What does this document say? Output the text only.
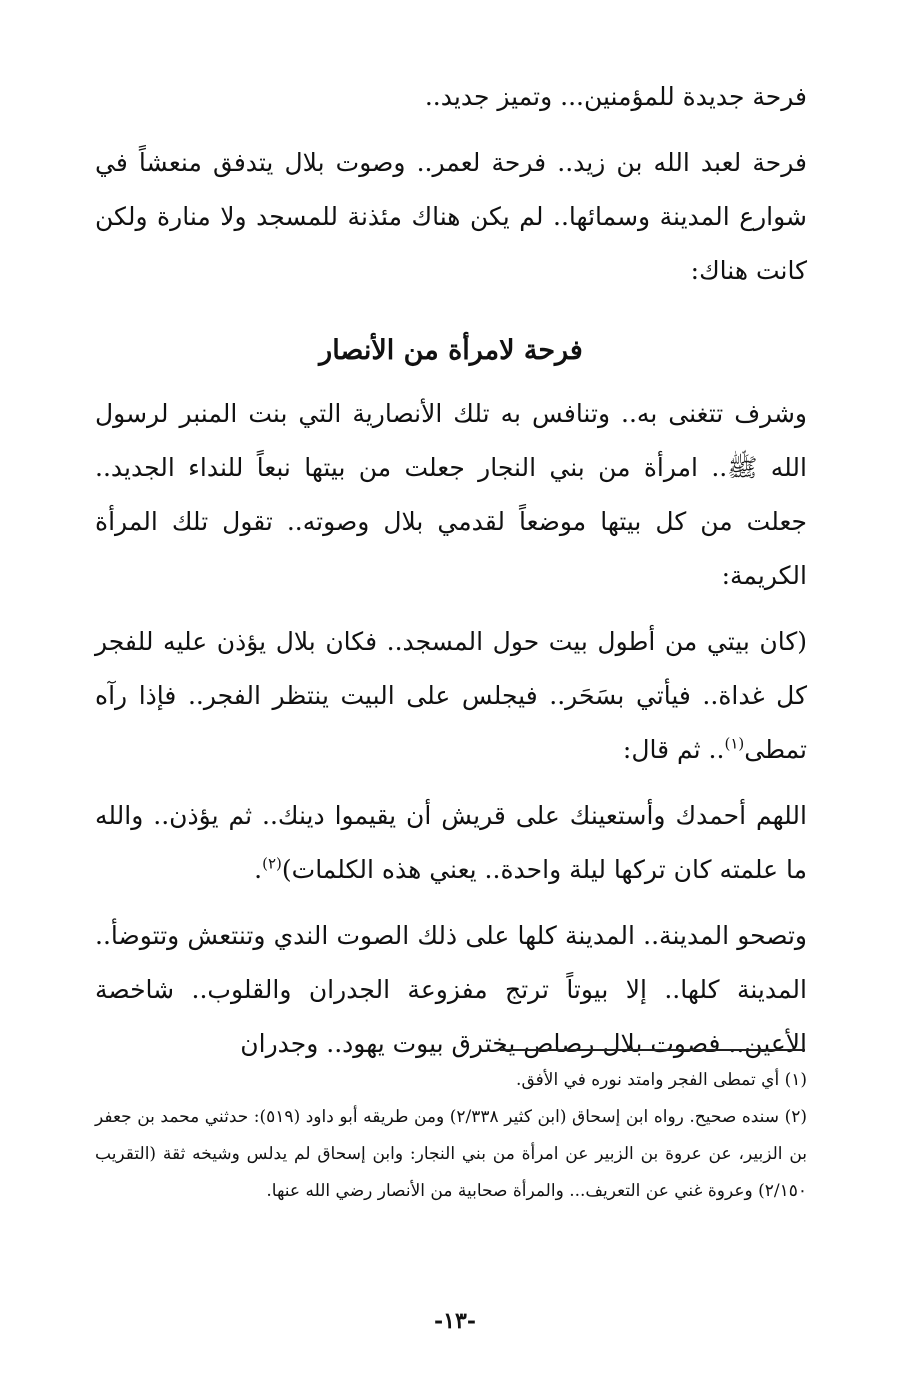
فرحة جديدة للمؤمنين... وتميز جديد..

فرحة لعبد الله بن زيد.. فرحة لعمر.. وصوت بلال يتدفق منعشاً في شوارع المدينة وسمائها.. لم يكن هناك مئذنة للمسجد ولا منارة ولكن كانت هناك:

فرحة لامرأة من الأنصار

وشرف تتغنى به.. وتنافس به تلك الأنصارية التي بنت المنبر لرسول الله ﷺ.. امرأة من بني النجار جعلت من بيتها نبعاً للنداء الجديد.. جعلت من كل بيتها موضعاً لقدمي بلال وصوته.. تقول تلك المرأة الكريمة:

(كان بيتي من أطول بيت حول المسجد.. فكان بلال يؤذن عليه للفجر كل غداة.. فيأتي بسَحَر.. فيجلس على البيت ينتظر الفجر.. فإذا رآه تمطى$^{(١)}$.. ثم قال:

اللهم أحمدك وأستعينك على قريش أن يقيموا دينك.. ثم يؤذن.. والله ما علمته كان تركها ليلة واحدة.. يعني هذه الكلمات)$^{(٢)}$.

وتصحو المدينة.. المدينة كلها على ذلك الصوت الندي وتنتعش وتتوضأ.. المدينة كلها.. إلا بيوتاً ترتج مفزوعة الجدران والقلوب.. شاخصة الأعين.. فصوت بلال رصاص يخترق بيوت يهود.. وجدران

(١) أي تمطى الفجر وامتد نوره في الأفق.

(٢) سنده صحيح. رواه ابن إسحاق (ابن كثير ٢/٣٣٨) ومن طريقه أبو داود (٥١٩): حدثني محمد بن جعفر بن الزبير، عن عروة بن الزبير عن امرأة من بني النجار: وابن إسحاق لم يدلس وشيخه ثقة (التقريب ٢/١٥٠) وعروة غني عن التعريف... والمرأة صحابية من الأنصار رضي الله عنها.

-١٣-
